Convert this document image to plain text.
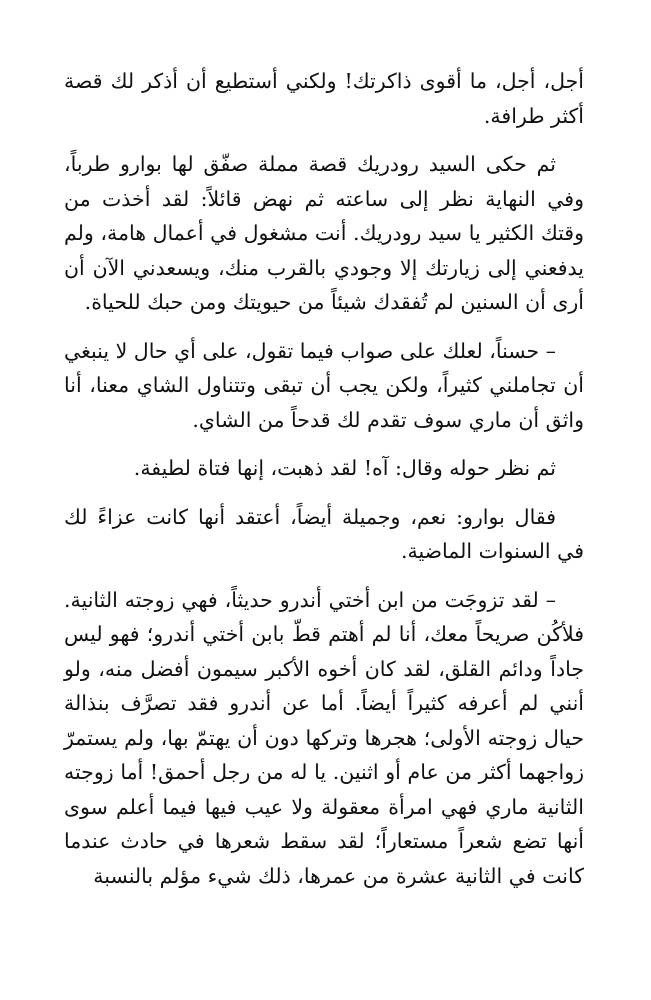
أجل، أجل، ما أقوى ذاكرتك! ولكني أستطيع أن أذكر لك قصة أكثر طرافة.

ثم حكى السيد رودريك قصة مملة صفّق لها بوارو طرباً، وفي النهاية نظر إلى ساعته ثم نهض قائلاً: لقد أخذت من وقتك الكثير يا سيد رودريك. أنت مشغول في أعمال هامة، ولم يدفعني إلى زيارتك إلا وجودي بالقرب منك، ويسعدني الآن أن أرى أن السنين لم تُفقدك شيئاً من حيويتك ومن حبك للحياة.

– حسناً، لعلك على صواب فيما تقول، على أي حال لا ينبغي أن تجاملني كثيراً، ولكن يجب أن تبقى وتتناول الشاي معنا، أنا واثق أن ماري سوف تقدم لك قدحاً من الشاي.

ثم نظر حوله وقال: آه! لقد ذهبت، إنها فتاة لطيفة.

فقال بوارو: نعم، وجميلة أيضاً، أعتقد أنها كانت عزاءً لك في السنوات الماضية.

– لقد تزوجَت من ابن أختي أندرو حديثاً، فهي زوجته الثانية. فلأكُن صريحاً معك، أنا لم أهتم قطّ بابن أختي أندرو؛ فهو ليس جاداً ودائم القلق، لقد كان أخوه الأكبر سيمون أفضل منه، ولو أنني لم أعرفه كثيراً أيضاً. أما عن أندرو فقد تصرَّف بنذالة حيال زوجته الأولى؛ هجرها وتركها دون أن يهتمّ بها، ولم يستمرّ زواجهما أكثر من عام أو اثنين. يا له من رجل أحمق! أما زوجته الثانية ماري فهي امرأة معقولة ولا عيب فيها فيما أعلم سوى أنها تضع شعراً مستعاراً؛ لقد سقط شعرها في حادث عندما كانت في الثانية عشرة من عمرها، ذلك شيء مؤلم بالنسبة
